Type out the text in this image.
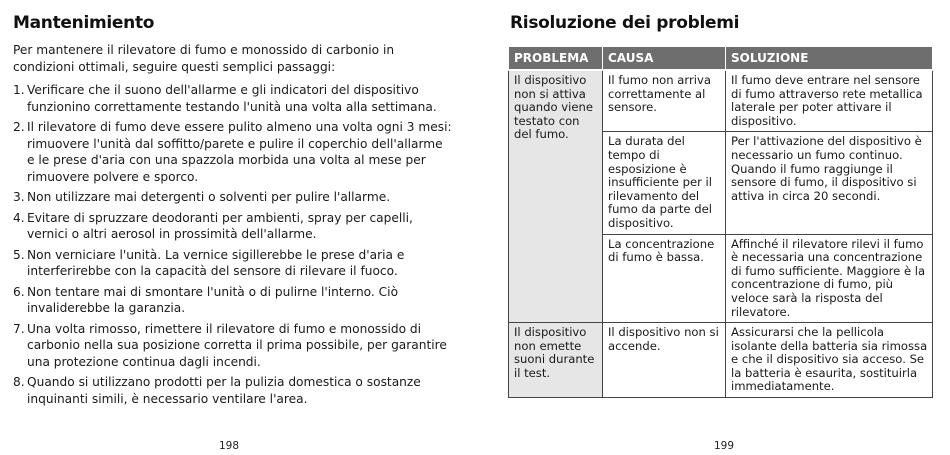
Mantenimiento
Per mantenere il rilevatore di fumo e monossido di carbonio in condizioni ottimali, seguire questi semplici passaggi:
1. Verificare che il suono dell'allarme e gli indicatori del dispositivo funzionino correttamente testando l'unità una volta alla settimana.
2. Il rilevatore di fumo deve essere pulito almeno una volta ogni 3 mesi: rimuovere l'unità dal soffitto/parete e pulire il coperchio dell'allarme e le prese d'aria con una spazzola morbida una volta al mese per rimuovere polvere e sporco.
3. Non utilizzare mai detergenti o solventi per pulire l'allarme.
4. Evitare di spruzzare deodoranti per ambienti, spray per capelli, vernici o altri aerosol in prossimità dell'allarme.
5. Non verniciare l'unità. La vernice sigillerebbe le prese d'aria e interferirebbe con la capacità del sensore di rilevare il fuoco.
6. Non tentare mai di smontare l'unità o di pulirne l'interno. Ciò invaliderebbe la garanzia.
7. Una volta rimosso, rimettere il rilevatore di fumo e monossido di carbonio nella sua posizione corretta il prima possibile, per garantire una protezione continua dagli incendi.
8. Quando si utilizzano prodotti per la pulizia domestica o sostanze inquinanti simili, è necessario ventilare l'area.
198
Risoluzione dei problemi
PROBLEMA	CAUSA	SOLUZIONE
Il dispositivo non si attiva quando viene testato con del fumo.	Il fumo non arriva correttamente al sensore.	Il fumo deve entrare nel sensore di fumo attraverso rete metallica laterale per poter attivare il dispositivo.
	La durata del tempo di esposizione è insufficiente per il rilevamento del fumo da parte del dispositivo.	Per l'attivazione del dispositivo è necessario un fumo continuo. Quando il fumo raggiunge il sensore di fumo, il dispositivo si attiva in circa 20 secondi.
	La concentrazione di fumo è bassa.	Affinché il rilevatore rilevi il fumo è necessaria una concentrazione di fumo sufficiente. Maggiore è la concentrazione di fumo, più veloce sarà la risposta del rilevatore.
Il dispositivo non emette suoni durante il test.	Il dispositivo non si accende.	Assicurarsi che la pellicola isolante della batteria sia rimossa e che il dispositivo sia acceso. Se la batteria è esaurita, sostituirla immediatamente.
199
